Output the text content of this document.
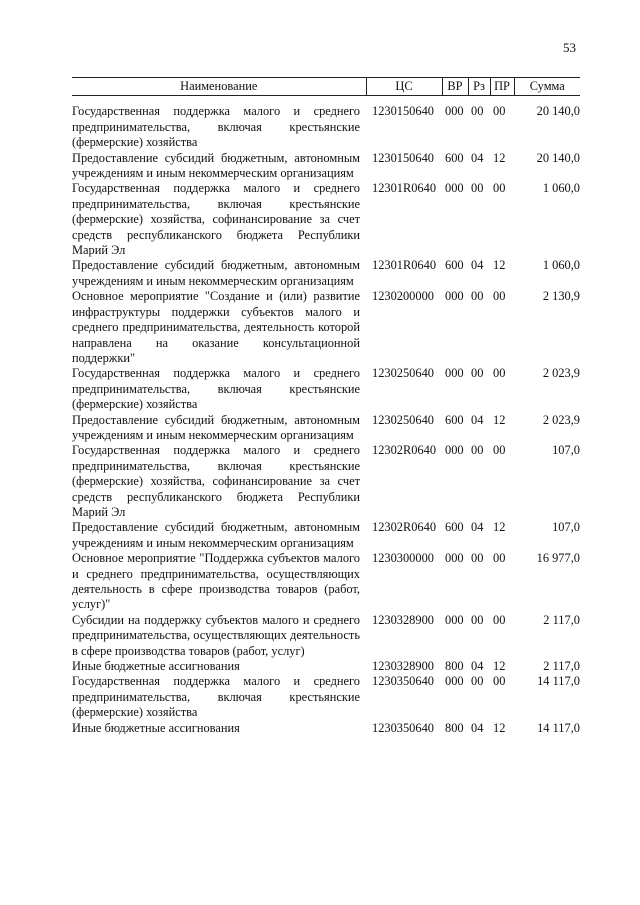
53
Наименование	ЦС	ВР	Рз	ПР	Сумма
Государственная поддержка малого и среднего предпринимательства, включая крестьянские (фермерские) хозяйства	1230150640	000	00	00	20 140,0
Предоставление субсидий бюджетным, автономным учреждениям и иным некоммерческим организациям	1230150640	600	04	12	20 140,0
Государственная поддержка малого и среднего предпринимательства, включая крестьянские (фермерские) хозяйства, софинансирование за счет средств республиканского бюджета Республики Марий Эл	12301R0640	000	00	00	1 060,0
Предоставление субсидий бюджетным, автономным учреждениям и иным некоммерческим организациям	12301R0640	600	04	12	1 060,0
Основное мероприятие "Создание и (или) развитие инфраструктуры поддержки субъектов малого и среднего предпринимательства, деятельность которой направлена на оказание консультационной поддержки"	1230200000	000	00	00	2 130,9
Государственная поддержка малого и среднего предпринимательства, включая крестьянские (фермерские) хозяйства	1230250640	000	00	00	2 023,9
Предоставление субсидий бюджетным, автономным учреждениям и иным некоммерческим организациям	1230250640	600	04	12	2 023,9
Государственная поддержка малого и среднего предпринимательства, включая крестьянские (фермерские) хозяйства, софинансирование за счет средств республиканского бюджета Республики Марий Эл	12302R0640	000	00	00	107,0
Предоставление субсидий бюджетным, автономным учреждениям и иным некоммерческим организациям	12302R0640	600	04	12	107,0
Основное мероприятие "Поддержка субъектов малого и среднего предпринимательства, осуществляющих деятельность в сфере производства товаров (работ, услуг)"	1230300000	000	00	00	16 977,0
Субсидии на поддержку субъектов малого и среднего предпринимательства, осуществляющих деятельность в сфере производства товаров (работ, услуг)	1230328900	000	00	00	2 117,0
Иные бюджетные ассигнования	1230328900	800	04	12	2 117,0
Государственная поддержка малого и среднего предпринимательства, включая крестьянские (фермерские) хозяйства	1230350640	000	00	00	14 117,0
Иные бюджетные ассигнования	1230350640	800	04	12	14 117,0
